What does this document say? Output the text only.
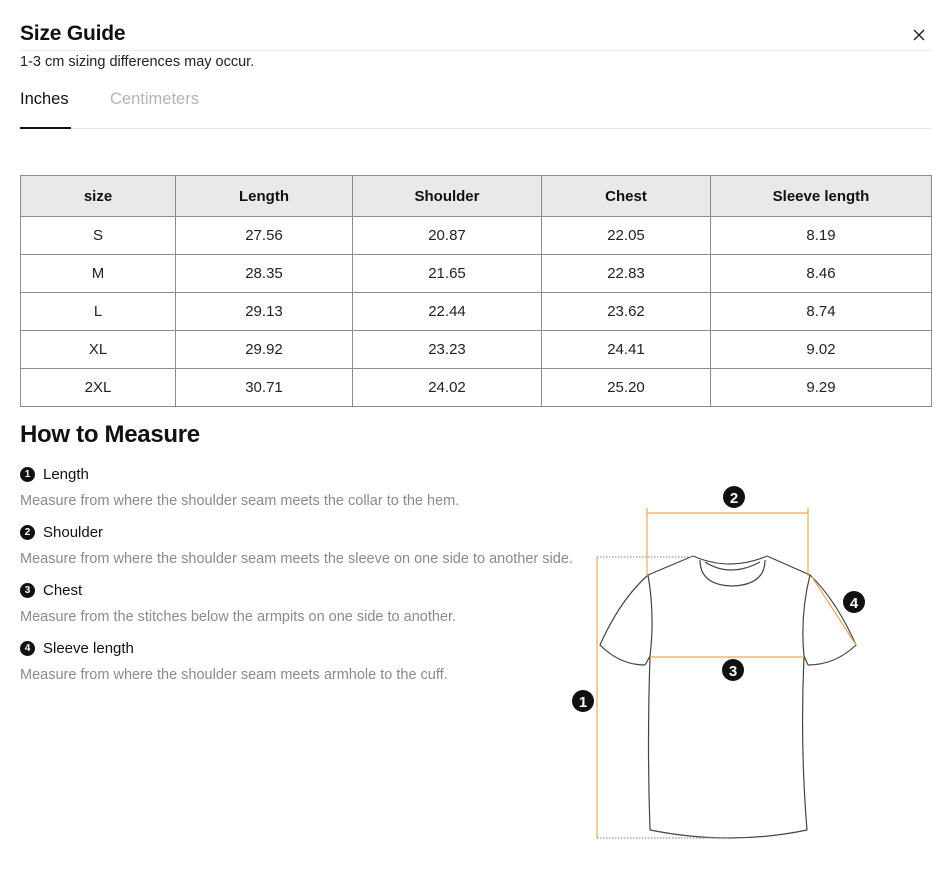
Size Guide
1-3 cm sizing differences may occur.
Inches	Centimeters
size	Length	Shoulder	Chest	Sleeve length
S	27.56	20.87	22.05	8.19
M	28.35	21.65	22.83	8.46
L	29.13	22.44	23.62	8.74
XL	29.92	23.23	24.41	9.02
2XL	30.71	24.02	25.20	9.29
How to Measure
1 Length
Measure from where the shoulder seam meets the collar to the hem.
2 Shoulder
Measure from where the shoulder seam meets the sleeve on one side to another side.
3 Chest
Measure from the stitches below the armpits on one side to another.
4 Sleeve length
Measure from where the shoulder seam meets armhole to the cuff.
1
2
3
4
